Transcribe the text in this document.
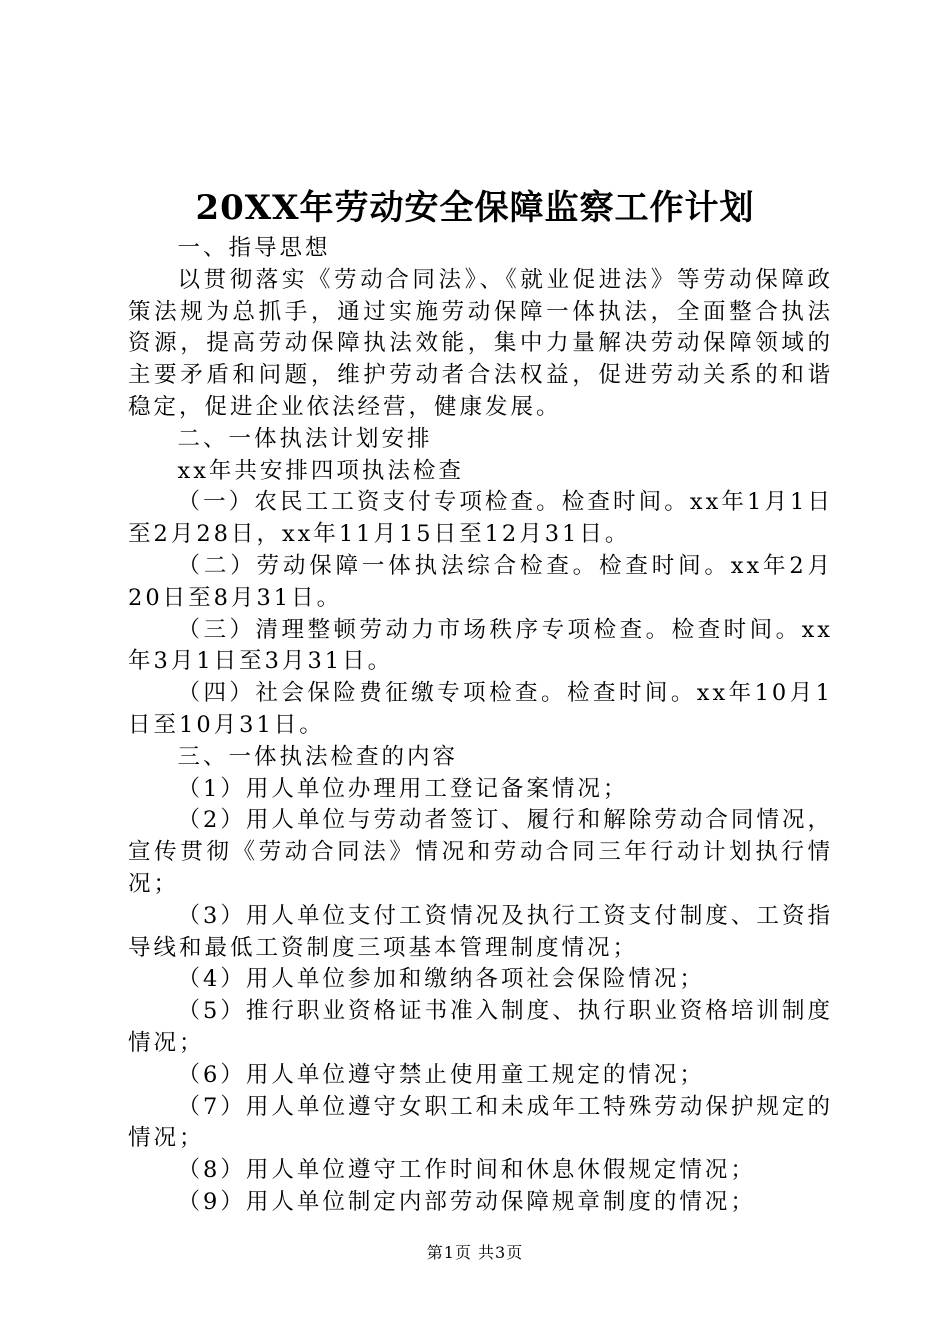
20XX年劳动安全保障监察工作计划

一、指导思想

以贯彻落实《劳动合同法》、《就业促进法》等劳动保障政策法规为总抓手，通过实施劳动保障一体执法，全面整合执法资源，提高劳动保障执法效能，集中力量解决劳动保障领域的主要矛盾和问题，维护劳动者合法权益，促进劳动关系的和谐稳定，促进企业依法经营，健康发展。

二、一体执法计划安排

xx年共安排四项执法检查

（一）农民工工资支付专项检查。检查时间。xx年1月1日至2月28日，xx年11月15日至12月31日。

（二）劳动保障一体执法综合检查。检查时间。xx年2月20日至8月31日。

（三）清理整顿劳动力市场秩序专项检查。检查时间。xx年3月1日至3月31日。

（四）社会保险费征缴专项检查。检查时间。xx年10月1日至10月31日。

三、一体执法检查的内容

（1）用人单位办理用工登记备案情况；

（2）用人单位与劳动者签订、履行和解除劳动合同情况，宣传贯彻《劳动合同法》情况和劳动合同三年行动计划执行情况；

（3）用人单位支付工资情况及执行工资支付制度、工资指导线和最低工资制度三项基本管理制度情况；

（4）用人单位参加和缴纳各项社会保险情况；

（5）推行职业资格证书准入制度、执行职业资格培训制度情况；

（6）用人单位遵守禁止使用童工规定的情况；

（7）用人单位遵守女职工和未成年工特殊劳动保护规定的情况；

（8）用人单位遵守工作时间和休息休假规定情况；

（9）用人单位制定内部劳动保障规章制度的情况；

第1页 共3页
